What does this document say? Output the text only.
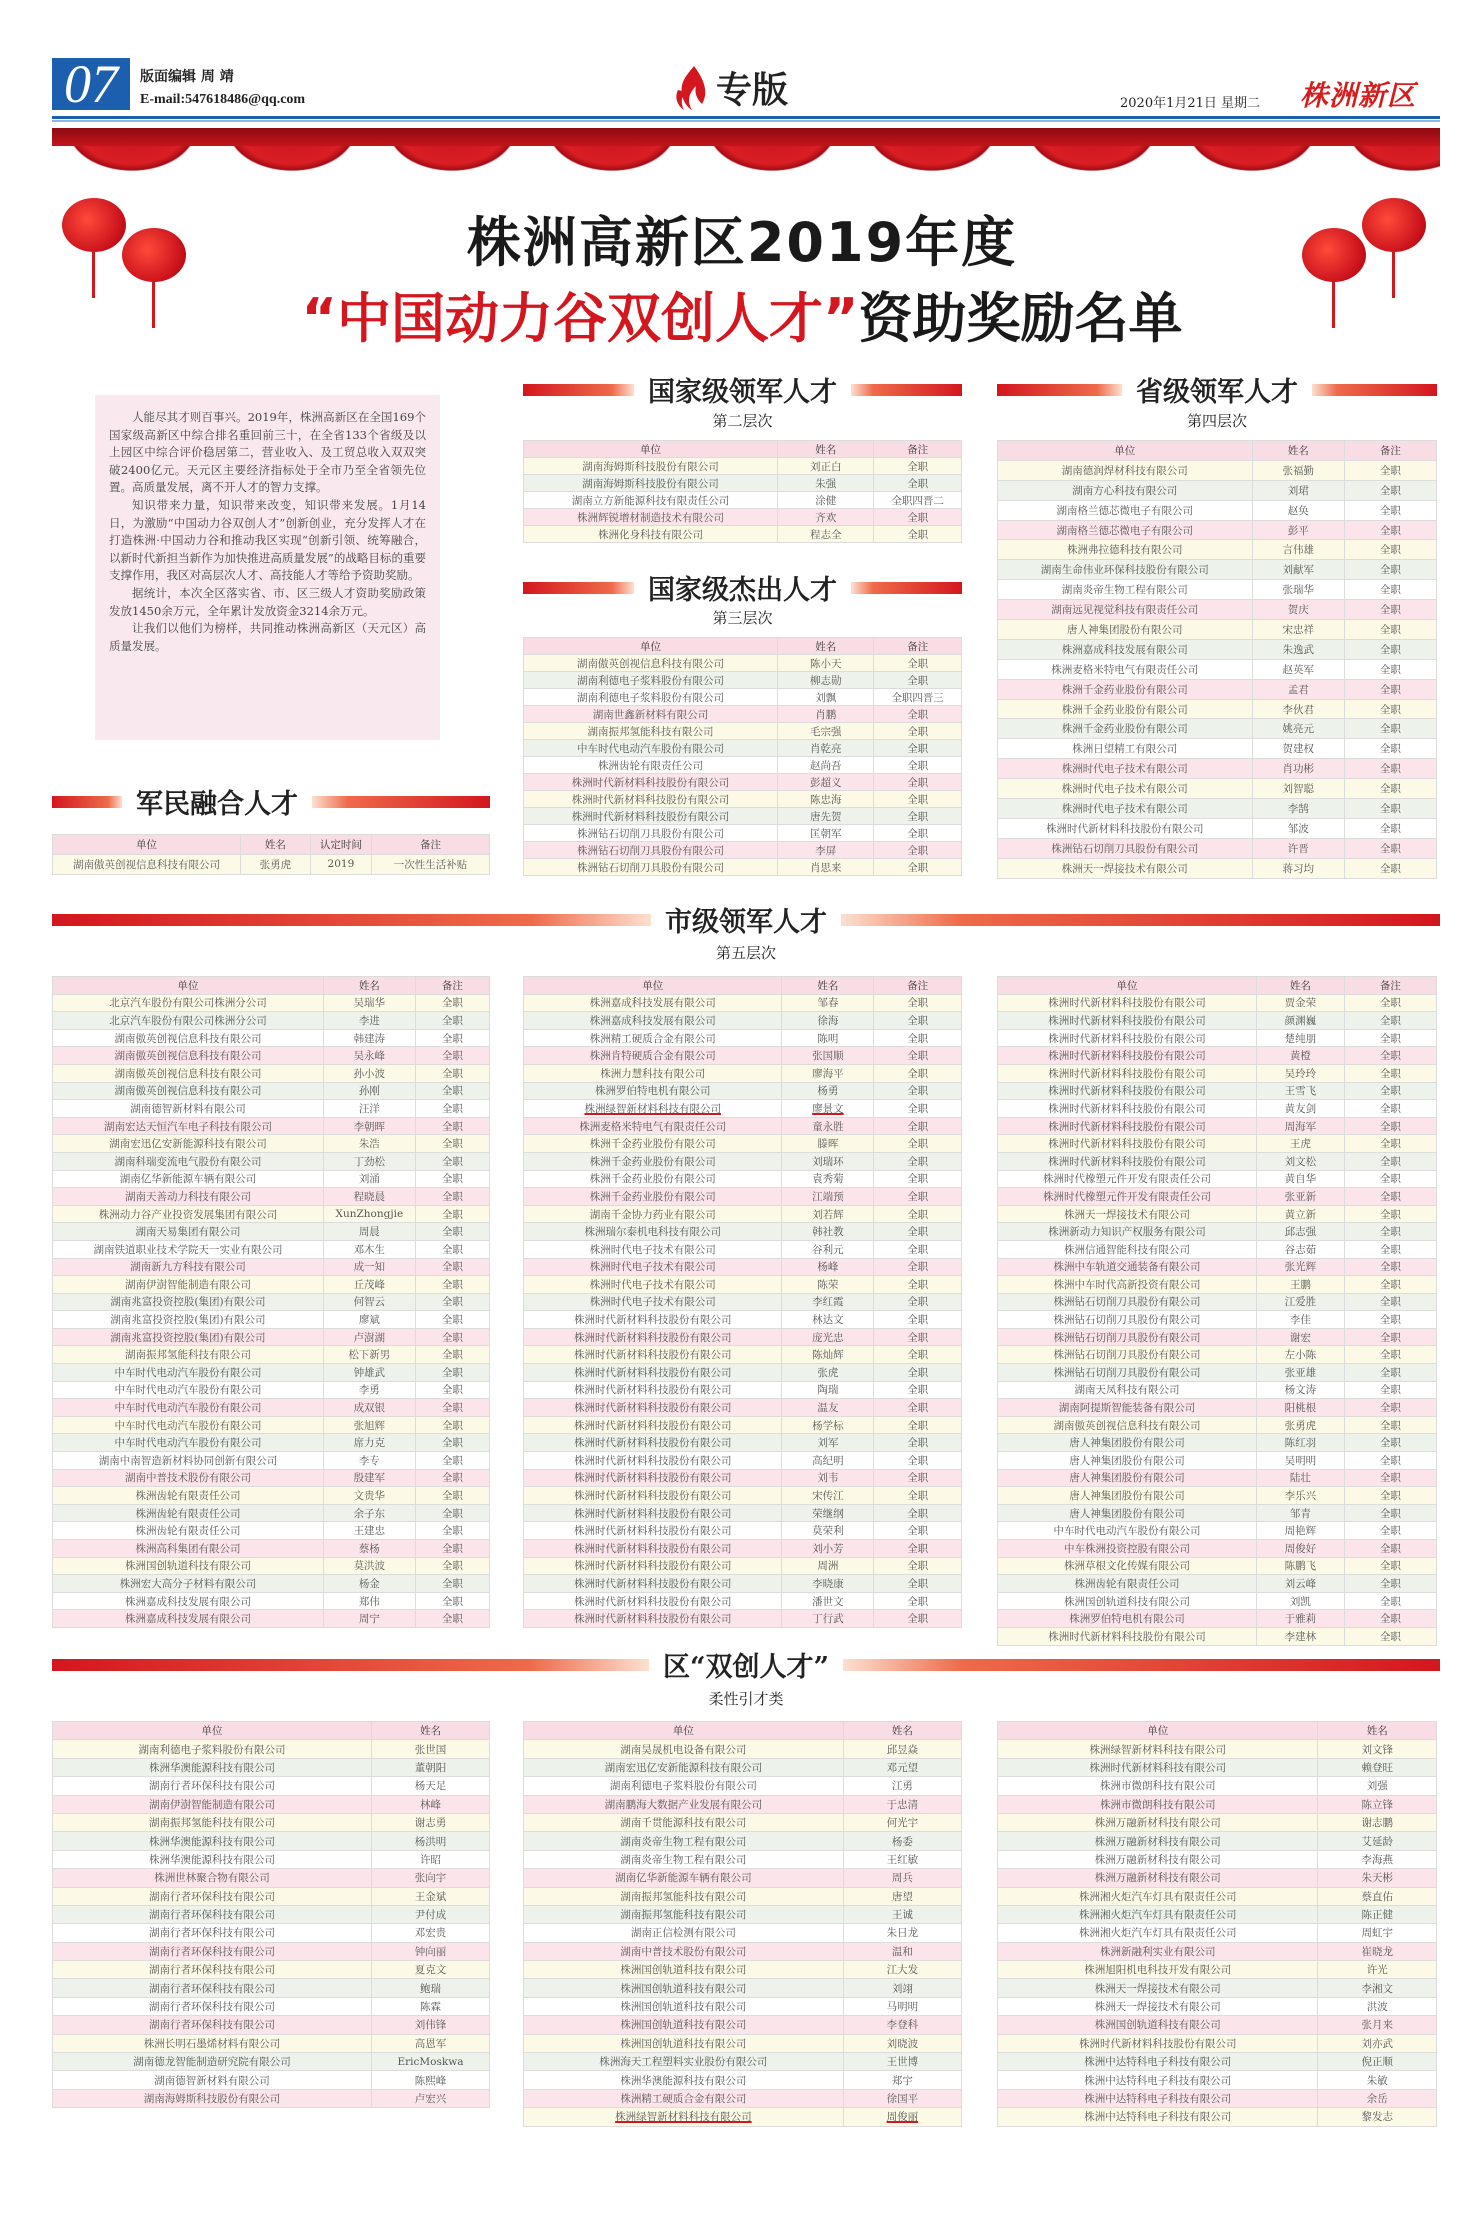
07	版面编辑 周 靖
E-mail:547618486@qq.com	专版	2020年1月21日 星期二 株洲新区
株洲高新区2019年度
“中国动力谷双创人才”资助奖励名单

人能尽其才则百事兴。2019年，株洲高新区在全国169个国家级高新区中综合排名重回前三十，在全省133个省级及以上园区中综合评价稳居第二，营业收入、及工贸总收入双双突破2400亿元。天元区主要经济指标处于全市乃至全省领先位置。高质量发展，离不开人才的智力支撑。

知识带来力量，知识带来改变，知识带来发展。1月14日，为激励“中国动力谷双创人才”创新创业，充分发挥人才在打造株洲·中国动力谷和推动我区实现“创新引领、统筹融合，以新时代新担当新作为加快推进高质量发展”的战略目标的重要支撑作用，我区对高层次人才、高技能人才等给予资助奖励。

据统计，本次全区落实省、市、区三级人才资助奖励政策发放1450余万元，全年累计发放资金3214余万元。

让我们以他们为榜样，共同推动株洲高新区（天元区）高质量发展。

国家级领军人才
第二层次
单位	姓名	备注
湖南海姆斯科技股份有限公司	刘正白	全职
湖南海姆斯科技股份有限公司	朱强	全职
湖南立方新能源科技有限责任公司	涂健	全职四晋二
株洲辉锐增材制造技术有限公司	齐欢	全职
株洲化身科技有限公司	程志全	全职
国家级杰出人才
第三层次
单位	姓名	备注
湖南傲英创视信息科技有限公司	陈小天	全职
湖南利德电子浆料股份有限公司	柳志勋	全职
湖南利德电子浆料股份有限公司	刘飘	全职四晋三
湖南世鑫新材料有限公司	肖鹏	全职
湖南振邦氢能科技有限公司	毛宗强	全职
中车时代电动汽车股份有限公司	肖乾亮	全职
株洲齿轮有限责任公司	赵尚吾	全职
株洲时代新材料科技股份有限公司	彭超义	全职
株洲时代新材料科技股份有限公司	陈忠海	全职
株洲时代新材料科技股份有限公司	唐先贺	全职
株洲钻石切削刀具股份有限公司	匡朝军	全职
株洲钻石切削刀具股份有限公司	李屏	全职
株洲钻石切削刀具股份有限公司	肖思来	全职
省级领军人才
第四层次
单位	姓名	备注
湖南德润焊材科技有限公司	张福勤	全职
湖南方心科技有限公司	刘珺	全职
湖南格兰德芯微电子有限公司	赵奂	全职
湖南格兰德芯微电子有限公司	彭平	全职
株洲弗拉德科技有限公司	言伟雄	全职
湖南生命伟业环保科技股份有限公司	刘献军	全职
湖南炎帝生物工程有限公司	张瑞华	全职
湖南远见视觉科技有限责任公司	贺庆	全职
唐人神集团股份有限公司	宋忠祥	全职
株洲嘉成科技发展有限公司	朱逸武	全职
株洲麦格米特电气有限责任公司	赵英军	全职
株洲千金药业股份有限公司	孟君	全职
株洲千金药业股份有限公司	李伙君	全职
株洲千金药业股份有限公司	姚亮元	全职
株洲日望精工有限公司	贺建权	全职
株洲时代电子技术有限公司	肖功彬	全职
株洲时代电子技术有限公司	刘智聪	全职
株洲时代电子技术有限公司	李鹄	全职
株洲时代新材料科技股份有限公司	邹波	全职
株洲钻石切削刀具股份有限公司	许晋	全职
株洲天一焊接技术有限公司	蒋习均	全职
军民融合人才
单位	姓名	认定时间	备注
湖南傲英创视信息科技有限公司	张勇虎	2019	一次性生活补贴
市级领军人才
第五层次
单位	姓名	备注
北京汽车股份有限公司株洲分公司	吴瑞华	全职
北京汽车股份有限公司株洲分公司	李进	全职
湖南傲英创视信息科技有限公司	韩建涛	全职
湖南傲英创视信息科技有限公司	吴永峰	全职
湖南傲英创视信息科技有限公司	孙小波	全职
湖南傲英创视信息科技有限公司	孙刚	全职
湖南德智新材料有限公司	汪洋	全职
湖南宏达天恒汽车电子科技有限公司	李朝晖	全职
湖南宏迅亿安新能源科技有限公司	朱浩	全职
湖南科瑞变流电气股份有限公司	丁劲松	全职
湖南亿华新能源车辆有限公司	刘涌	全职
湖南天善动力科技有限公司	程晓晨	全职
株洲动力谷产业投资发展集团有限公司	XunZhongjie	全职
湖南天易集团有限公司	周晨	全职
湖南铁道职业技术学院天一实业有限公司	邓木生	全职
湖南新九方科技有限公司	成一知	全职
湖南伊澍智能制造有限公司	丘茂峰	全职
湖南兆富投资控股(集团)有限公司	何智云	全职
湖南兆富投资控股(集团)有限公司	廖斌	全职
湖南兆富投资控股(集团)有限公司	卢澍湖	全职
湖南振邦氢能科技有限公司	松下新男	全职
中车时代电动汽车股份有限公司	钟雄武	全职
中车时代电动汽车股份有限公司	李勇	全职
中车时代电动汽车股份有限公司	成双银	全职
中车时代电动汽车股份有限公司	张旭辉	全职
中车时代电动汽车股份有限公司	席力克	全职
湖南中南智造新材料协同创新有限公司	李专	全职
湖南中普技术股份有限公司	殷建军	全职
株洲齿轮有限责任公司	文贵华	全职
株洲齿轮有限责任公司	余子东	全职
株洲齿轮有限责任公司	王建忠	全职
株洲高科集团有限公司	蔡杨	全职
株洲国创轨道科技有限公司	莫洪波	全职
株洲宏大高分子材料有限公司	杨金	全职
株洲嘉成科技发展有限公司	郑伟	全职
株洲嘉成科技发展有限公司	周宁	全职
单位	姓名	备注
株洲嘉成科技发展有限公司	邹春	全职
株洲嘉成科技发展有限公司	徐海	全职
株洲精工硬质合金有限公司	陈明	全职
株洲肯特硬质合金有限公司	张国顺	全职
株洲力慧科技有限公司	廖海平	全职
株洲罗伯特电机有限公司	杨勇	全职
株洲绿智新材料科技有限公司	廖景文	全职
株洲麦格米特电气有限责任公司	童永胜	全职
株洲千金药业股份有限公司	滕晖	全职
株洲千金药业股份有限公司	刘瑞环	全职
株洲千金药业股份有限公司	袁秀菊	全职
株洲千金药业股份有限公司	江端预	全职
湖南千金协力药业有限公司	刘若辉	全职
株洲瑞尔泰机电科技有限公司	韩社教	全职
株洲时代电子技术有限公司	谷利元	全职
株洲时代电子技术有限公司	杨峰	全职
株洲时代电子技术有限公司	陈荣	全职
株洲时代电子技术有限公司	李红霞	全职
株洲时代新材料科技股份有限公司	林达文	全职
株洲时代新材料科技股份有限公司	庞光忠	全职
株洲时代新材料科技股份有限公司	陈灿辉	全职
株洲时代新材料科技股份有限公司	张虎	全职
株洲时代新材料科技股份有限公司	陶瑞	全职
株洲时代新材料科技股份有限公司	温友	全职
株洲时代新材料科技股份有限公司	杨学标	全职
株洲时代新材料科技股份有限公司	刘军	全职
株洲时代新材料科技股份有限公司	高纪明	全职
株洲时代新材料科技股份有限公司	刘韦	全职
株洲时代新材料科技股份有限公司	宋传江	全职
株洲时代新材料科技股份有限公司	荣继纲	全职
株洲时代新材料科技股份有限公司	莫荣利	全职
株洲时代新材料科技股份有限公司	刘小芳	全职
株洲时代新材料科技股份有限公司	周洲	全职
株洲时代新材料科技股份有限公司	李晓康	全职
株洲时代新材料科技股份有限公司	潘世文	全职
株洲时代新材料科技股份有限公司	丁行武	全职
单位	姓名	备注
株洲时代新材料科技股份有限公司	贾金荣	全职
株洲时代新材料科技股份有限公司	颜渊巍	全职
株洲时代新材料科技股份有限公司	楚纯朋	全职
株洲时代新材料科技股份有限公司	黄橙	全职
株洲时代新材料科技股份有限公司	吴玲玲	全职
株洲时代新材料科技股份有限公司	王雪飞	全职
株洲时代新材料科技股份有限公司	黄友剑	全职
株洲时代新材料科技股份有限公司	周海军	全职
株洲时代新材料科技股份有限公司	王虎	全职
株洲时代新材料科技股份有限公司	刘文松	全职
株洲时代橡塑元件开发有限责任公司	黄自华	全职
株洲时代橡塑元件开发有限责任公司	张亚新	全职
株洲天一焊接技术有限公司	黄立新	全职
株洲新动力知识产权服务有限公司	邱志强	全职
株洲信通智能科技有限公司	谷志茹	全职
株洲中车轨道交通装备有限公司	张光辉	全职
株洲中车时代高新投资有限公司	王鹏	全职
株洲钻石切削刀具股份有限公司	江爱胜	全职
株洲钻石切削刀具股份有限公司	李佳	全职
株洲钻石切削刀具股份有限公司	谢宏	全职
株洲钻石切削刀具股份有限公司	左小陈	全职
株洲钻石切削刀具股份有限公司	张亚雄	全职
湖南天凤科技有限公司	杨文涛	全职
湖南阿提斯智能装备有限公司	阳桃根	全职
湖南傲英创视信息科技有限公司	张勇虎	全职
唐人神集团股份有限公司	陈红羽	全职
唐人神集团股份有限公司	吴明明	全职
唐人神集团股份有限公司	陆壮	全职
唐人神集团股份有限公司	李乐兴	全职
唐人神集团股份有限公司	邹青	全职
中车时代电动汽车股份有限公司	周艳辉	全职
中车株洲投资控股有限公司	周俊好	全职
株洲草根文化传媒有限公司	陈鹏飞	全职
株洲齿轮有限责任公司	刘云峰	全职
株洲国创轨道科技有限公司	刘凯	全职
株洲罗伯特电机有限公司	于雅莉	全职
株洲时代新材料科技股份有限公司	李建林	全职
区“双创人才”
柔性引才类
单位	姓名
湖南利德电子浆料股份有限公司	张世国
株洲华澳能源科技有限公司	董朝阳
湖南行者环保科技有限公司	杨天足
湖南伊澍智能制造有限公司	林峰
湖南振邦氢能科技有限公司	谢志勇
株洲华澳能源科技有限公司	杨洪明
株洲华澳能源科技有限公司	许昭
株洲世林聚合物有限公司	张向宇
湖南行者环保科技有限公司	王金斌
湖南行者环保科技有限公司	尹付成
湖南行者环保科技有限公司	邓宏贵
湖南行者环保科技有限公司	钟向丽
湖南行者环保科技有限公司	夏克文
湖南行者环保科技有限公司	鲍瑞
湖南行者环保科技有限公司	陈霖
湖南行者环保科技有限公司	刘伟锋
株洲长明石墨烯材料有限公司	高恩军
湖南德龙智能制造研究院有限公司	EricMoskwa
湖南德智新材料有限公司	陈熙峰
湖南海姆斯科技股份有限公司	卢宏兴
单位	姓名
湖南昊晟机电设备有限公司	邱昱焱
湖南宏迅亿安新能源科技有限公司	邓元望
湖南利德电子浆料股份有限公司	江勇
湖南鹏海大数据产业发展有限公司	于忠清
湖南千贯能源科技有限公司	何光宇
湖南炎帝生物工程有限公司	杨委
湖南炎帝生物工程有限公司	王红敏
湖南亿华新能源车辆有限公司	周兵
湖南振邦氢能科技有限公司	唐望
湖南振邦氢能科技有限公司	王诚
湖南正信检测有限公司	朱日龙
湖南中普技术股份有限公司	温和
株洲国创轨道科技有限公司	江大发
株洲国创轨道科技有限公司	刘翊
株洲国创轨道科技有限公司	马明明
株洲国创轨道科技有限公司	李登科
株洲国创轨道科技有限公司	刘晓波
株洲海天工程塑料实业股份有限公司	王世博
株洲华澳能源科技有限公司	郑宇
株洲精工硬质合金有限公司	徐国平
株洲绿智新材料科技有限公司	周俊丽
单位	姓名
株洲绿智新材料科技有限公司	刘文锋
株洲时代新材料科技有限公司	赖登旺
株洲市微朗科技有限公司	刘强
株洲市微朗科技有限公司	陈立锋
株洲万融新材科技有限公司	谢志鹏
株洲万融新材科技有限公司	艾延龄
株洲万融新材科技有限公司	李海燕
株洲万融新材科技有限公司	朱天彬
株洲湘火炬汽车灯具有限责任公司	蔡直佑
株洲湘火炬汽车灯具有限责任公司	陈正健
株洲湘火炬汽车灯具有限责任公司	周虹宇
株洲新融利实业有限公司	崔晓龙
株洲旭阳机电科技开发有限公司	许光
株洲天一焊接技术有限公司	李湘文
株洲天一焊接技术有限公司	洪波
株洲国创轨道科技有限公司	张月来
株洲时代新材料科技股份有限公司	刘亦武
株洲中达特科电子科技有限公司	倪正顺
株洲中达特科电子科技有限公司	朱敏
株洲中达特科电子科技有限公司	余岳
株洲中达特科电子科技有限公司	黎发志
